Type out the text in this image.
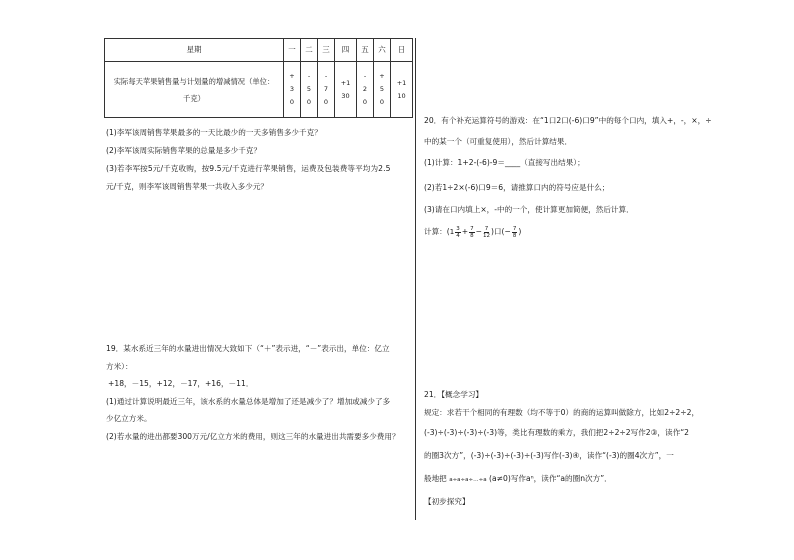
星期	一	二	三	四	五	六	日
实际每天苹果销售量与计划量的增减情况（单位：千克）	+30	-50	-70	+130	-20	+50	+110
(1)李军该周销售苹果最多的一天比最少的一天多销售多少千克？
(2)李军该周实际销售苹果的总量是多少千克？
(3)若李军按5元/千克收购，按9.5元/千克进行苹果销售，运费及包装费等平均为2.5
元/千克，则李军该周销售苹果一共收入多少元？
19．某水系近三年的水量进出情况大致如下（“＋”表示进，“－”表示出，单位：亿立
方米）：
+18，－15，+12，－17，+16，－11．
(1)通过计算说明最近三年，该水系的水量总体是增加了还是减少了？增加或减少了多
少亿立方米。
(2)若水量的进出都要300万元/亿立方米的费用，则这三年的水量进出共需要多少费用？
20．有个补充运算符号的游戏：在“1口2口(-6)口9”中的每个口内，填入+，-，×，÷
中的某一个（可重复使用），然后计算结果．
(1)计算：1+2-(-6)-9＝____（直接写出结果）；
(2)若1÷2×(-6)口9＝6，请推算口内的符号应是什么；
(3)请在口内填上×，-中的一个，使计算更加简便，然后计算．
计算： ( $1 \frac{3}{4} + \frac{7}{8} - \frac{7}{12}$ )口(− $\frac{7}{8}$ )
21．【概念学习】
规定：求若干个相同的有理数（均不等于0）的商的运算叫做除方，比如2÷2÷2，
(-3)÷(-3)÷(-3)÷(-3)等，类比有理数的乘方，我们把2÷2÷2写作2③，读作“2
的圈3次方”，(-3)÷(-3)÷(-3)÷(-3)写作(-3)④，读作“(-3)的圈4次方”，一
般地把 a÷a÷a÷…÷a (a≠0)写作aⁿ，读作“a的圈n次方”．
【初步探究】
